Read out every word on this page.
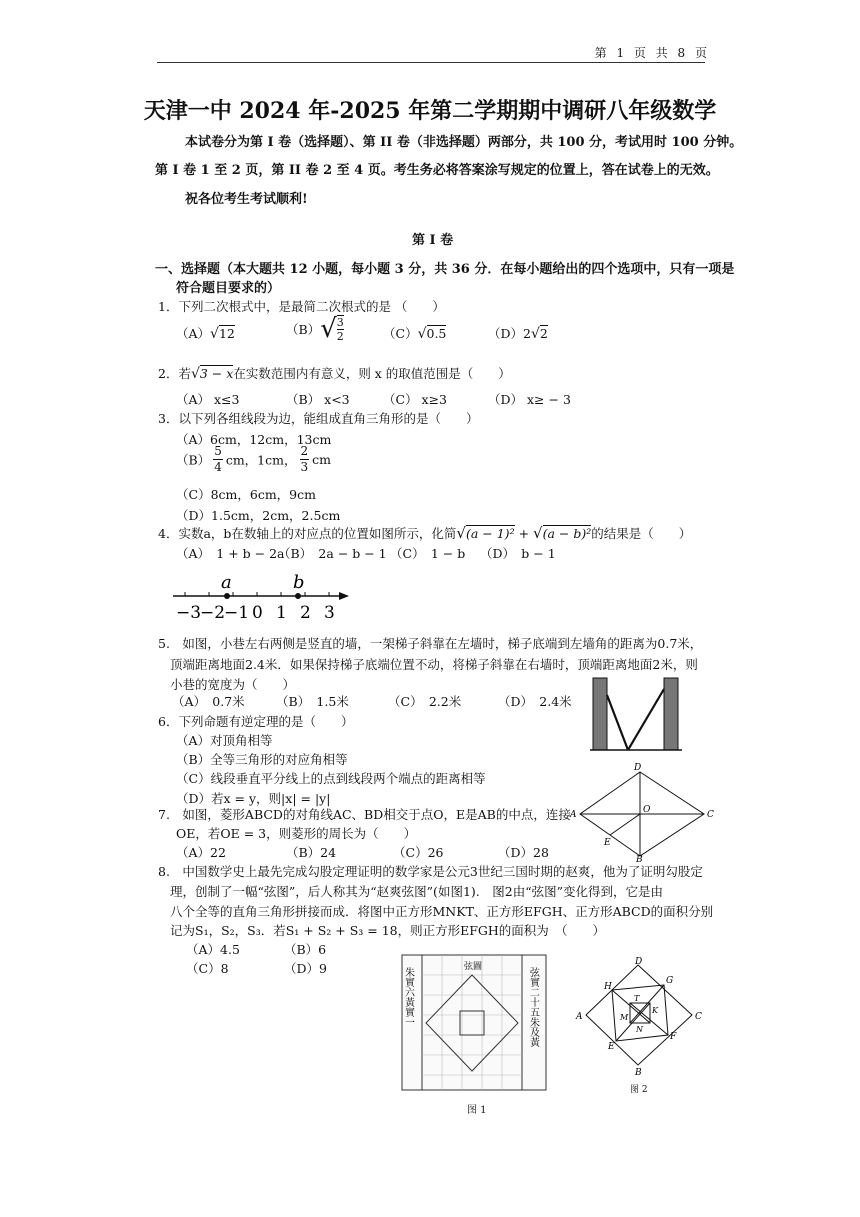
第 1 页 共 8 页
天津一中 2024 年-2025 年第二学期期中调研八年级数学
本试卷分为第 I 卷（选择题）、第 II 卷（非选择题）两部分，共 100 分，考试用时 100 分钟。
第 I 卷 1 至 2 页，第 II 卷 2 至 4 页。考生务必将答案涂写规定的位置上，答在试卷上的无效。
祝各位考生考试顺利!
第 I 卷
一、选择题（本大题共 12 小题，每小题 3 分，共 36 分．在每小题给出的四个选项中，只有一项是
符合题目要求的）
1．下列二次根式中，是最简二次根式的是 （　　）
（A）√12	$(B)√ \frac{3}{2}$	（C）√0.5	（D）2√2
2．若√3 − x在实数范围内有意义，则 x 的取值范围是（　　）
（A） x≤3	（B） x<3	（C） x≥3	（D） x≥ − 3
3．以下列各组线段为边，能组成直角三角形的是（　　）
（A）6cm，12cm，13cm
$(B) \frac{5}{4}$ cm，1cm， $\frac{2}{3}$ cm
（C）8cm，6cm，9cm
（D）1.5cm，2cm，2.5cm
4．实数a，b在数轴上的对应点的位置如图所示，化简√(a − 1)² + √(a − b)²的结果是（　　）
（A）　1 + b − 2a
（B）　2a − b − 1 （C）　1 − b （D）　b − 1
−3
−2
−1 0 1 2 3
a	b
5.　如图，小巷左右两侧是竖直的墙，一架梯子斜靠在左墙时，梯子底端到左墙角的距离为0.7米，
顶端距离地面2.4米．如果保持梯子底端位置不动，将梯子斜靠在右墙时，顶端距离地面2米，则
小巷的宽度为（　　）
（A）　0.7米	（B）　1.5米	（C）　2.2米	（D）　2.4米
6．下列命题有逆定理的是（　　）
（A）对顶角相等
（B）全等三角形的对应角相等
（C）线段垂直平分线上的点到线段两个端点的距离相等
（D）若x = y，则|x| = |y|
D
C
A
B
E
O
7.　如图，菱形ABCD的对角线AC、BD相交于点O，E是AB的中点，连接
OE，若OE = 3，则菱形的周长为（　　）
（A）22	（B）24	（C）26	（D）28
8.　中国数学史上最先完成勾股定理证明的数学家是公元3世纪三国时期的赵爽，他为了证明勾股定
理，创制了一幅“弦图”，后人称其为“赵爽弦图”(如图1).　图2由“弦图”变化得到，它是由
八个全等的直角三角形拼接而成．将图中正方形MNKT、正方形EFGH、正方形ABCD的面积分别
记为S₁，S₂，S₃．若S₁ + S₂ + S₃ = 18，则正方形EFGH的面积为　（　　）
（A）4.5	（B）6
（C）8	（D）9	弦圖
朱實六黃實一	弦實二十五朱及黃
图 1
D
C
A
B
H
G
F
E
M
K
T
N
图 2
